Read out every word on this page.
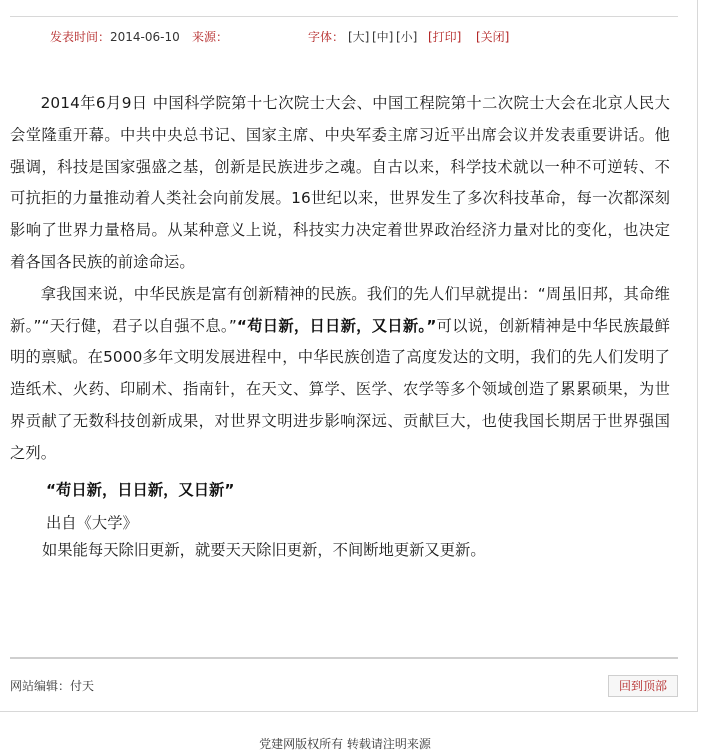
发表时间： 2014-06-10 来源：	字体： [大] [中] [小] [打印] [关闭]

2014年6月9日 中国科学院第十七次院士大会、中国工程院第十二次院士大会在北京人民大会堂隆重开幕。中共中央总书记、国家主席、中央军委主席习近平出席会议并发表重要讲话。他强调，科技是国家强盛之基，创新是民族进步之魂。自古以来，科学技术就以一种不可逆转、不可抗拒的力量推动着人类社会向前发展。16世纪以来，世界发生了多次科技革命，每一次都深刻影响了世界力量格局。从某种意义上说，科技实力决定着世界政治经济力量对比的变化，也决定着各国各民族的前途命运。

拿我国来说，中华民族是富有创新精神的民族。我们的先人们早就提出：“周虽旧邦，其命维新。”“天行健，君子以自强不息。”“苟日新，日日新，又日新。”可以说，创新精神是中华民族最鲜明的禀赋。在5000多年文明发展进程中，中华民族创造了高度发达的文明，我们的先人们发明了造纸术、火药、印刷术、指南针，在天文、算学、医学、农学等多个领域创造了累累硕果，为世界贡献了无数科技创新成果，对世界文明进步影响深远、贡献巨大，也使我国长期居于世界强国之列。

“苟日新，日日新，又日新”
出自《大学》
如果能每天除旧更新，就要天天除旧更新，不间断地更新又更新。
网站编辑：付天	回到顶部
党建网版权所有 转载请注明来源
